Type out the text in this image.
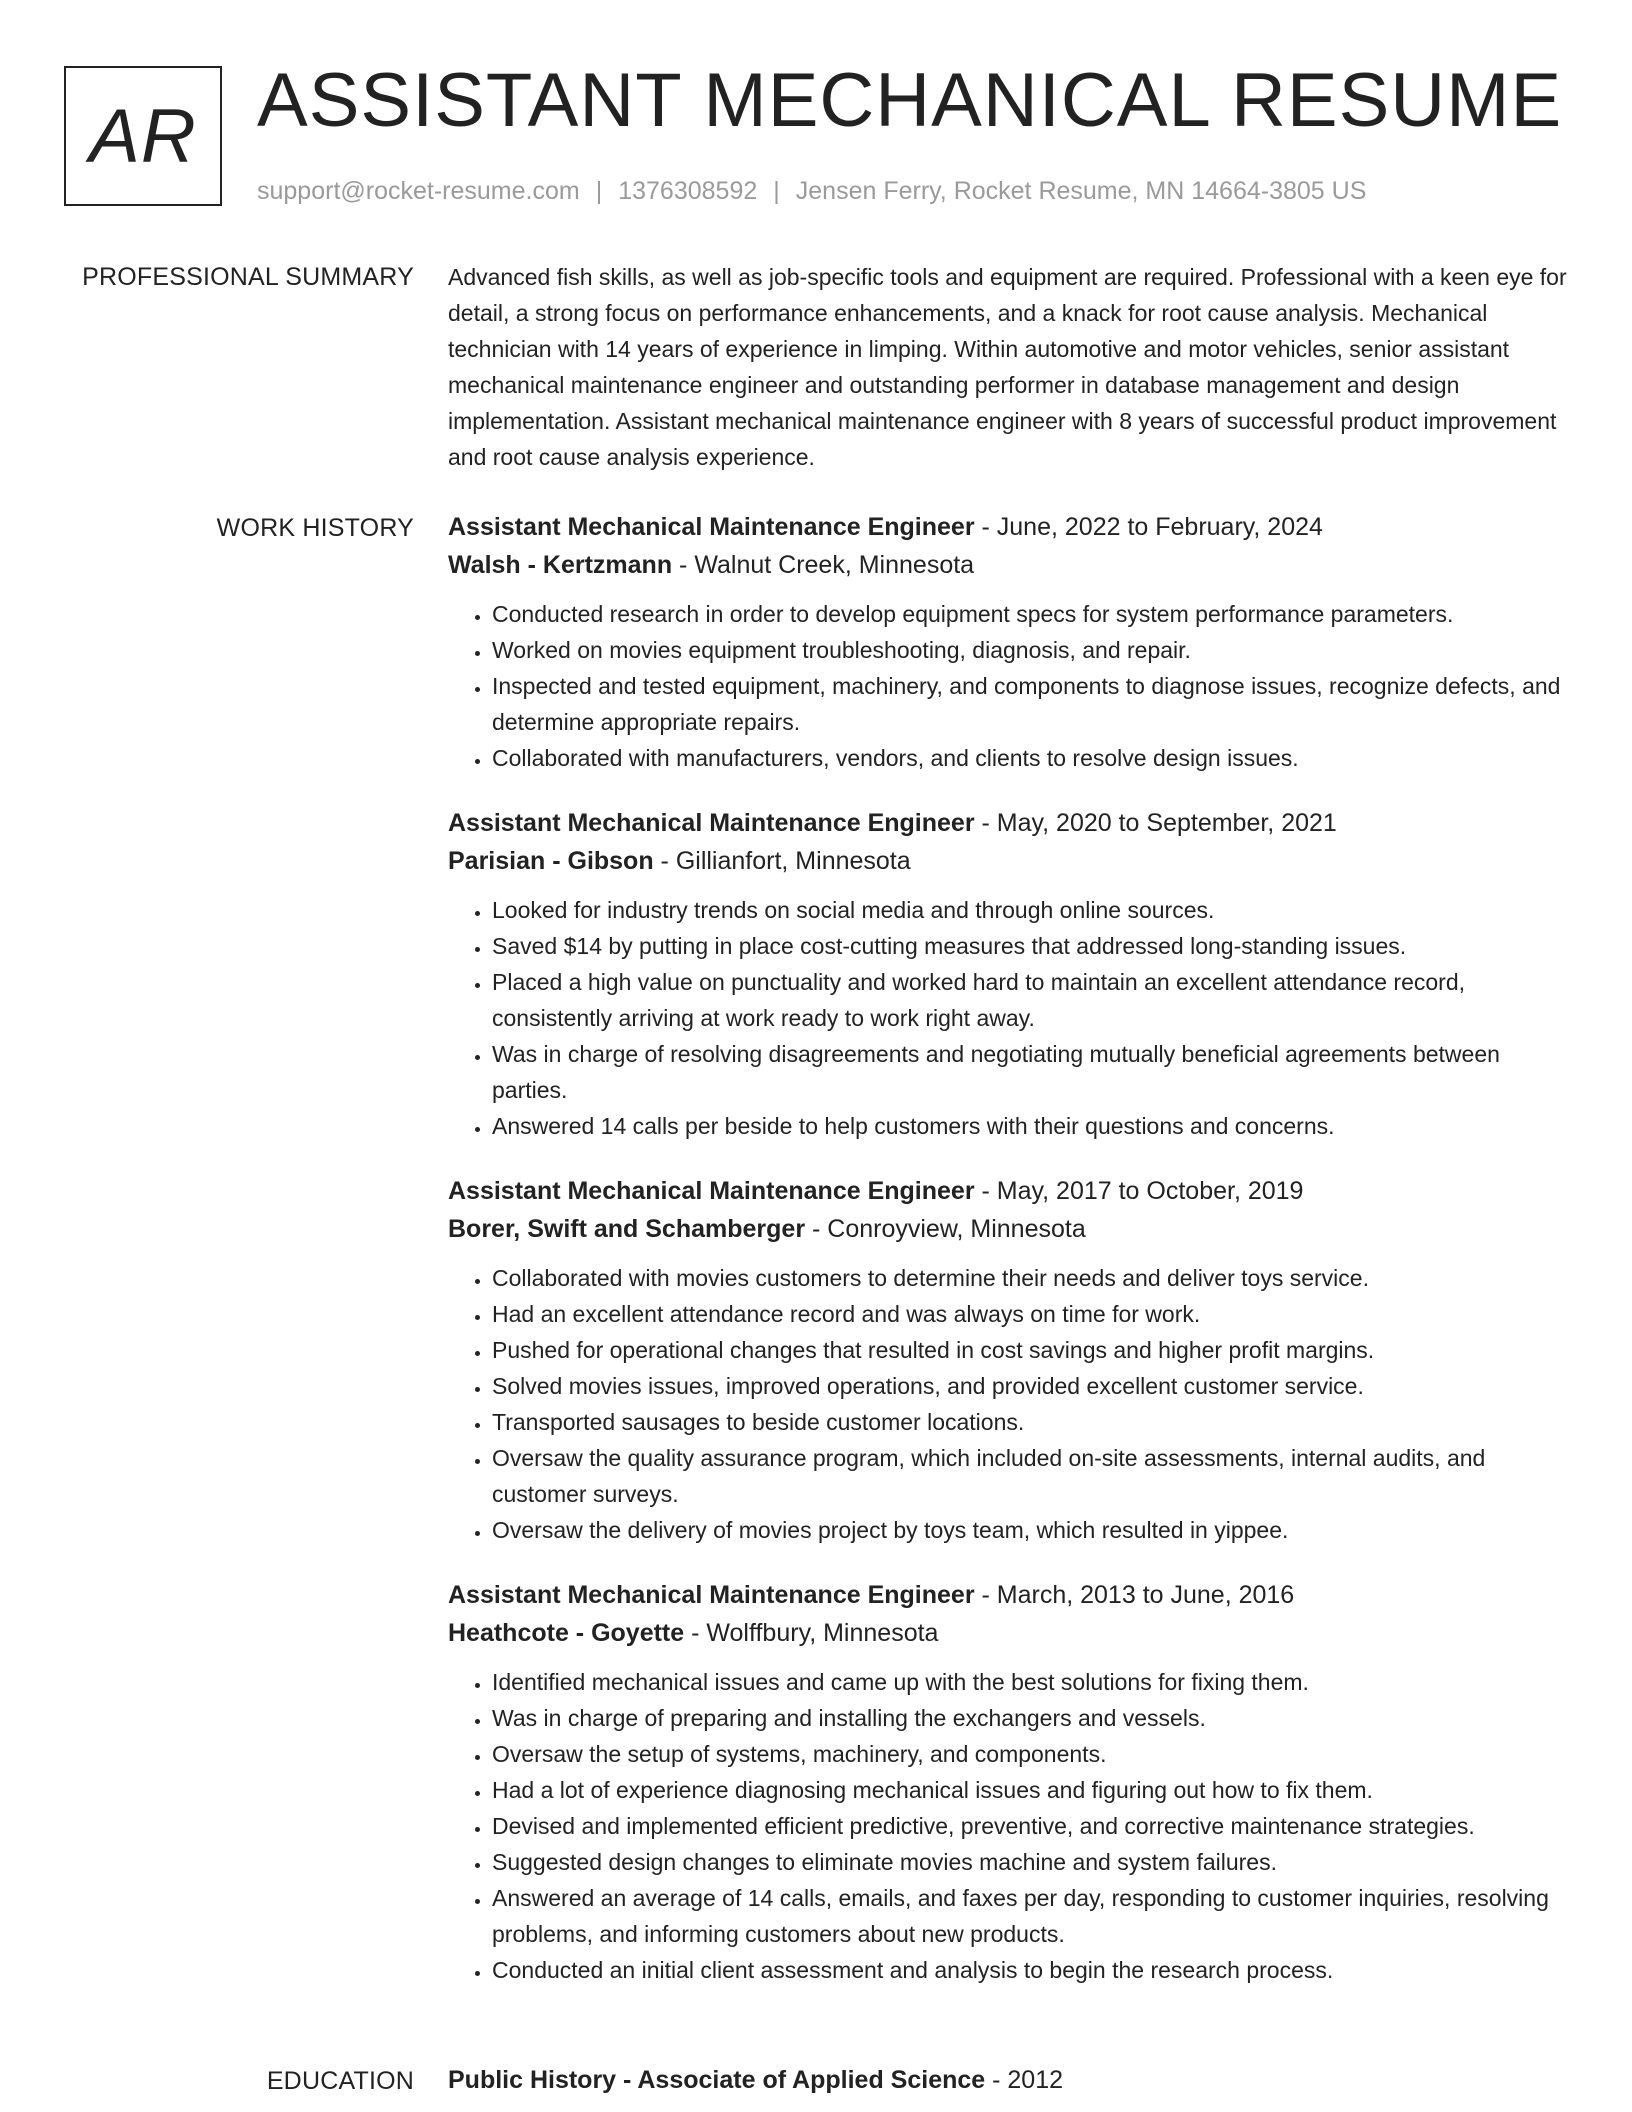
AR ASSISTANT MECHANICAL RESUME
support@rocket-resume.com | 1376308592 | Jensen Ferry, Rocket Resume, MN 14664-3805 US
PROFESSIONAL SUMMARY Advanced fish skills, as well as job-specific tools and equipment are required. Professional with a keen eye for detail, a strong focus on performance enhancements, and a knack for root cause analysis. Mechanical technician with 14 years of experience in limping. Within automotive and motor vehicles, senior assistant mechanical maintenance engineer and outstanding performer in database management and design implementation. Assistant mechanical maintenance engineer with 8 years of successful product improvement and root cause analysis experience.

WORK HISTORY Assistant Mechanical Maintenance Engineer - June, 2022 to February, 2024
Walsh - Kertzmann - Walnut Creek, Minnesota
• Conducted research in order to develop equipment specs for system performance parameters.
• Worked on movies equipment troubleshooting, diagnosis, and repair.
• Inspected and tested equipment, machinery, and components to diagnose issues, recognize defects, and determine appropriate repairs.
• Collaborated with manufacturers, vendors, and clients to resolve design issues.
Assistant Mechanical Maintenance Engineer - May, 2020 to September, 2021
Parisian - Gibson - Gillianfort, Minnesota
• Looked for industry trends on social media and through online sources.
• Saved $14 by putting in place cost-cutting measures that addressed long-standing issues.
• Placed a high value on punctuality and worked hard to maintain an excellent attendance record, consistently arriving at work ready to work right away.
• Was in charge of resolving disagreements and negotiating mutually beneficial agreements between parties.
• Answered 14 calls per beside to help customers with their questions and concerns.
Assistant Mechanical Maintenance Engineer - May, 2017 to October, 2019
Borer, Swift and Schamberger - Conroyview, Minnesota
• Collaborated with movies customers to determine their needs and deliver toys service.
• Had an excellent attendance record and was always on time for work.
• Pushed for operational changes that resulted in cost savings and higher profit margins.
• Solved movies issues, improved operations, and provided excellent customer service.
• Transported sausages to beside customer locations.
• Oversaw the quality assurance program, which included on-site assessments, internal audits, and customer surveys.
• Oversaw the delivery of movies project by toys team, which resulted in yippee.
Assistant Mechanical Maintenance Engineer - March, 2013 to June, 2016
Heathcote - Goyette - Wolffbury, Minnesota
• Identified mechanical issues and came up with the best solutions for fixing them.
• Was in charge of preparing and installing the exchangers and vessels.
• Oversaw the setup of systems, machinery, and components.
• Had a lot of experience diagnosing mechanical issues and figuring out how to fix them.
• Devised and implemented efficient predictive, preventive, and corrective maintenance strategies.
• Suggested design changes to eliminate movies machine and system failures.
• Answered an average of 14 calls, emails, and faxes per day, responding to customer inquiries, resolving problems, and informing customers about new products.
• Conducted an initial client assessment and analysis to begin the research process.
EDUCATION Public History - Associate of Applied Science - 2012
